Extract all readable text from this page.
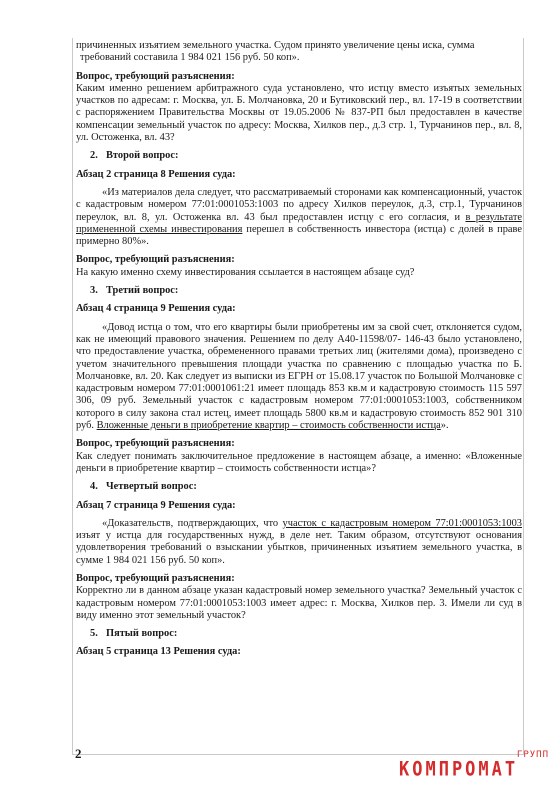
причиненных изъятием земельного участка. Судом принято увеличение цены иска, сумма

требований составила 1 984 021 156 руб. 50 коп».

Вопрос, требующий разъяснения:

Каким именно решением арбитражного суда установлено, что истцу вместо изъятых земельных участков по адресам: г. Москва, ул. Б. Молчановка, 20 и Бутиковский пер., вл. 17-19 в соответствии с распоряжением Правительства Москвы от 19.05.2006 № 837-РП был предоставлен в качестве компенсации земельный участок по адресу: Москва, Хилков пер., д.3 стр. 1, Турчанинов пер., вл. 8, ул. Остоженка, вл. 43?

2. Второй вопрос:

Абзац 2 страница 8 Решения суда:

«Из материалов дела следует, что рассматриваемый сторонами как компенсационный, участок с кадастровым номером 77:01:0001053:1003 по адресу Хилков переулок, д.3, стр.1, Турчанинов переулок, вл. 8, ул. Остоженка вл. 43 был предоставлен истцу с его согласия, и в результате примененной схемы инвестирования перешел в собственность инвестора (истца) с долей в праве примерно 80%».

Вопрос, требующий разъяснения:

На какую именно схему инвестирования ссылается в настоящем абзаце суд?

3. Третий вопрос:

Абзац 4 страница 9 Решения суда:

«Довод истца о том, что его квартиры были приобретены им за свой счет, отклоняется судом, как не имеющий правового значения. Решением по делу А40-11598/07- 146-43 было установлено, что предоставление участка, обремененного правами третьих лиц (жителями дома), произведено с учетом значительного превышения площади участка по сравнению с площадью участка по Б. Молчановке, вл. 20. Как следует из выписки из ЕГРН от 15.08.17 участок по Большой Молчановке с кадастровым номером 77:01:0001061:21 имеет площадь 853 кв.м и кадастровую стоимость 115 597 306, 09 руб. Земельный участок с кадастровым номером 77:01:0001053:1003, собственником которого в силу закона стал истец, имеет площадь 5800 кв.м и кадастровую стоимость 852 901 310 руб. Вложенные деньги в приобретение квартир – стоимость собственности истца».

Вопрос, требующий разъяснения:

Как следует понимать заключительное предложение в настоящем абзаце, а именно: «Вложенные деньги в приобретение квартир – стоимость собственности истца»?

4. Четвертый вопрос:

Абзац 7 страница 9 Решения суда:

«Доказательств, подтверждающих, что участок с кадастровым номером 77:01:0001053:1003 изъят у истца для государственных нужд, в деле нет. Таким образом, отсутствуют основания удовлетворения требований о взыскании убытков, причиненных изъятием земельного участка, в сумме 1 984 021 156 руб. 50 коп».

Вопрос, требующий разъяснения:

Корректно ли в данном абзаце указан кадастровый номер земельного участка? Земельный участок с кадастровым номером 77:01:0001053:1003 имеет адрес: г. Москва, Хилков пер. 3. Имели ли суд в виду именно этот земельный участок?

5. Пятый вопрос:

Абзац 5 страница 13 Решения суда:

2
КОМПРОМАТ
ГРУПП
